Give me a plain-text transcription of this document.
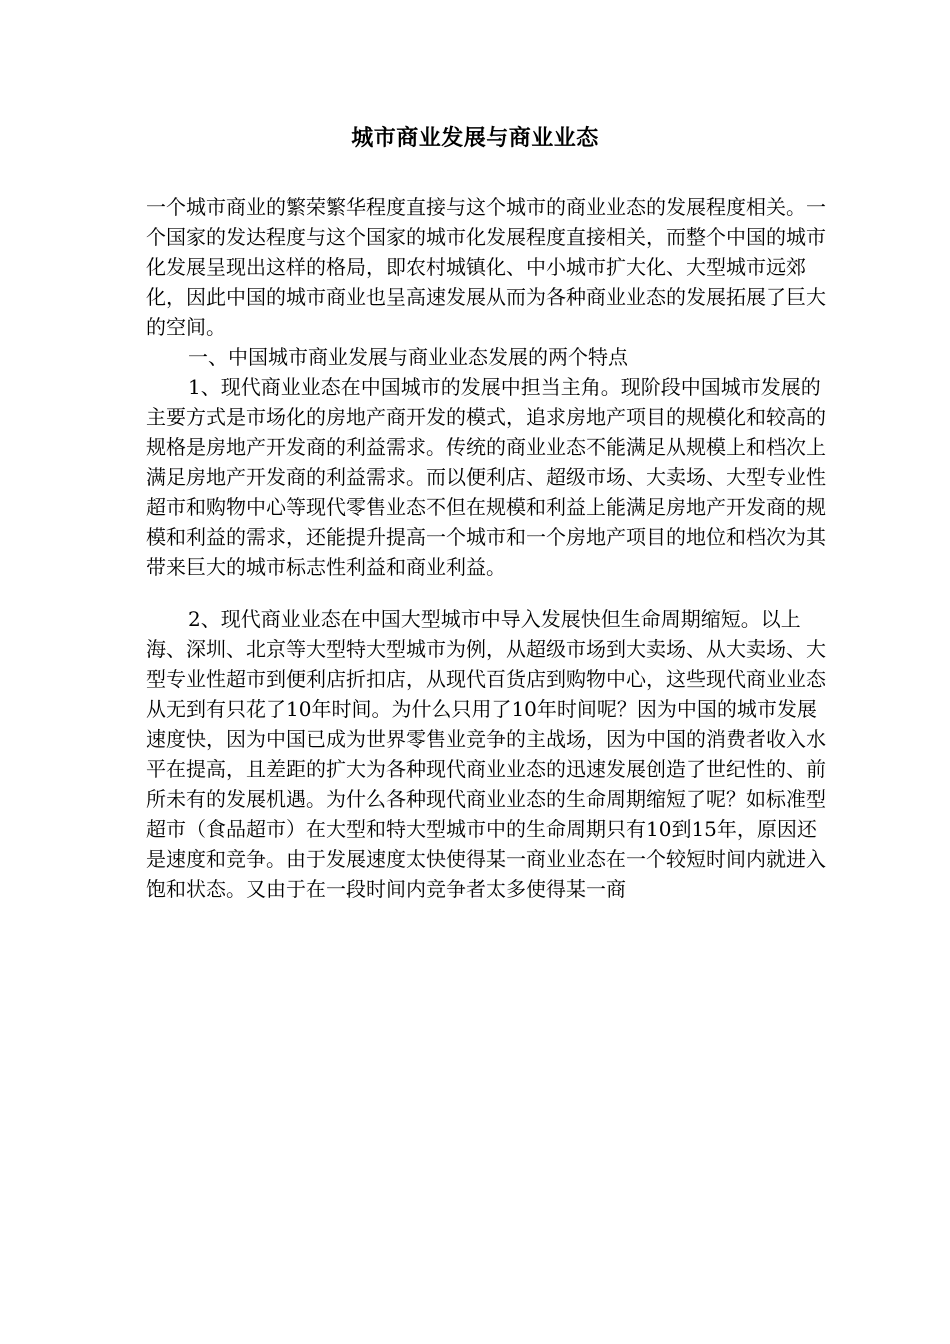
城市商业发展与商业业态

一个城市商业的繁荣繁华程度直接与这个城市的商业业态的发展程度相关。一个国家的发达程度与这个国家的城市化发展程度直接相关，而整个中国的城市化发展呈现出这样的格局，即农村城镇化、中小城市扩大化、大型城市远郊化，因此中国的城市商业也呈高速发展从而为各种商业业态的发展拓展了巨大的空间。

一、中国城市商业发展与商业业态发展的两个特点

1、现代商业业态在中国城市的发展中担当主角。现阶段中国城市发展的主要方式是市场化的房地产商开发的模式，追求房地产项目的规模化和较高的规格是房地产开发商的利益需求。传统的商业业态不能满足从规模上和档次上满足房地产开发商的利益需求。而以便利店、超级市场、大卖场、大型专业性超市和购物中心等现代零售业态不但在规模和利益上能满足房地产开发商的规模和利益的需求，还能提升提高一个城市和一个房地产项目的地位和档次为其带来巨大的城市标志性利益和商业利益。

2、现代商业业态在中国大型城市中导入发展快但生命周期缩短。以上海、深圳、北京等大型特大型城市为例，从超级市场到大卖场、从大卖场、大型专业性超市到便利店折扣店，从现代百货店到购物中心，这些现代商业业态从无到有只花了10年时间。为什么只用了10年时间呢？因为中国的城市发展速度快，因为中国已成为世界零售业竞争的主战场，因为中国的消费者收入水平在提高，且差距的扩大为各种现代商业业态的迅速发展创造了世纪性的、前所未有的发展机遇。为什么各种现代商业业态的生命周期缩短了呢？如标准型超市（食品超市）在大型和特大型城市中的生命周期只有10到15年，原因还是速度和竞争。由于发展速度太快使得某一商业业态在一个较短时间内就进入饱和状态。又由于在一段时间内竞争者太多使得某一商
